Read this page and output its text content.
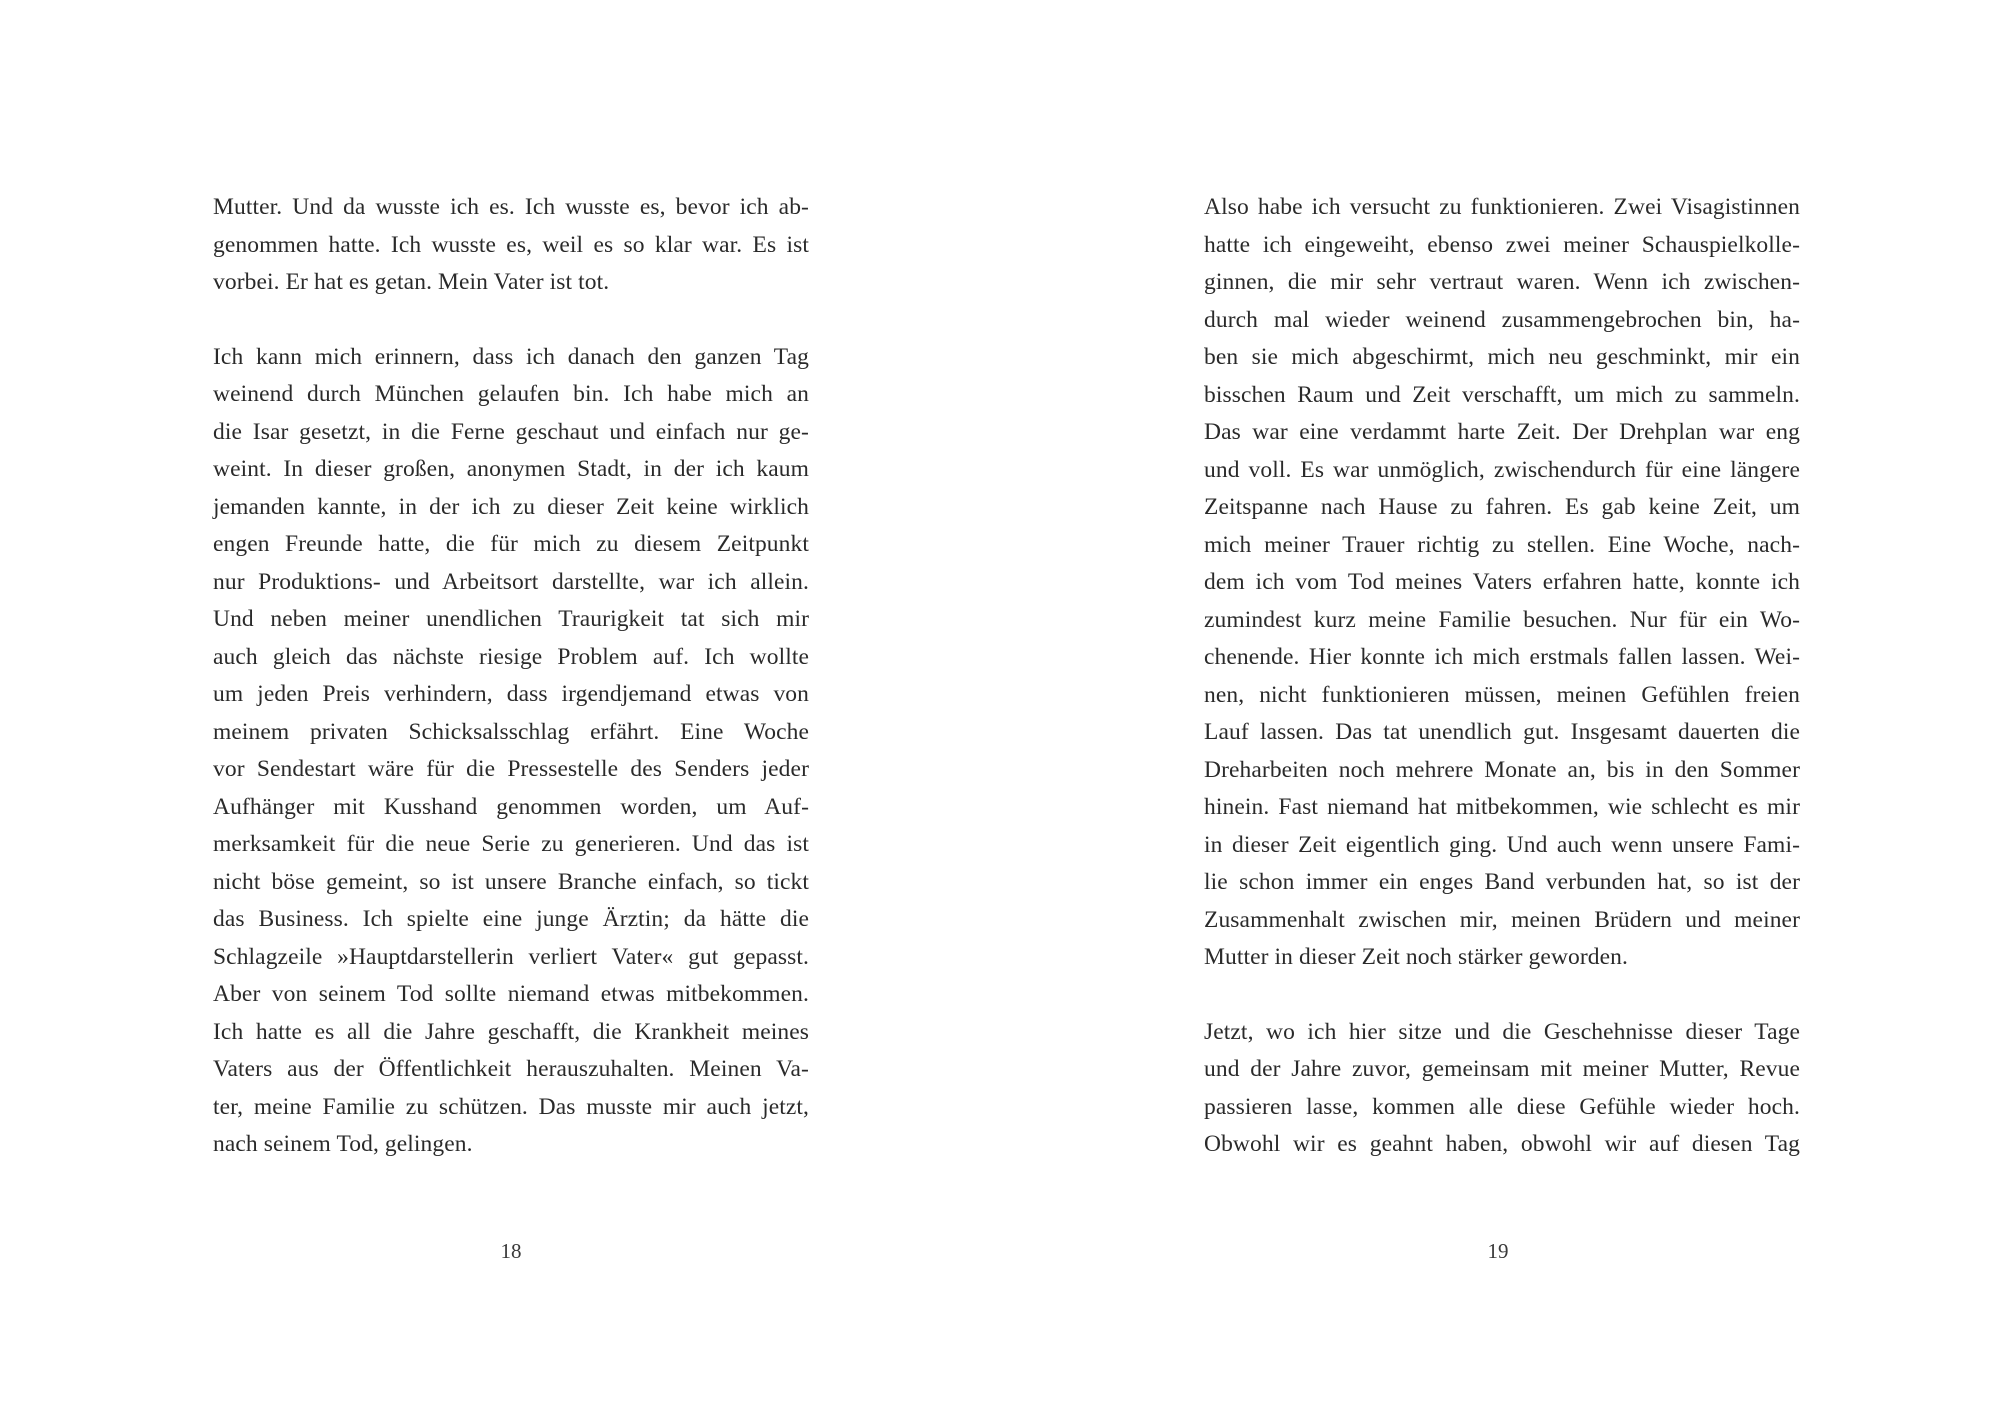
Mutter. Und da wusste ich es. Ich wusste es, bevor ich ab-
genommen hatte. Ich wusste es, weil es so klar war. Es ist
vorbei. Er hat es getan. Mein Vater ist tot.
Ich kann mich erinnern, dass ich danach den ganzen Tag
weinend durch München gelaufen bin. Ich habe mich an
die Isar gesetzt, in die Ferne geschaut und einfach nur ge-
weint. In dieser großen, anonymen Stadt, in der ich kaum
jemanden kannte, in der ich zu dieser Zeit keine wirklich
engen Freunde hatte, die für mich zu diesem Zeitpunkt
nur Produktions- und Arbeitsort darstellte, war ich allein.
Und neben meiner unendlichen Traurigkeit tat sich mir
auch gleich das nächste riesige Problem auf. Ich wollte
um jeden Preis verhindern, dass irgendjemand etwas von
meinem privaten Schicksalsschlag erfährt. Eine Woche
vor Sendestart wäre für die Pressestelle des Senders jeder
Aufhänger mit Kusshand genommen worden, um Auf-
merksamkeit für die neue Serie zu generieren. Und das ist
nicht böse gemeint, so ist unsere Branche einfach, so tickt
das Business. Ich spielte eine junge Ärztin; da hätte die
Schlagzeile »Hauptdarstellerin verliert Vater« gut gepasst.
Aber von seinem Tod sollte niemand etwas mitbekommen.
Ich hatte es all die Jahre geschafft, die Krankheit meines
Vaters aus der Öffentlichkeit herauszuhalten. Meinen Va-
ter, meine Familie zu schützen. Das musste mir auch jetzt,
nach seinem Tod, gelingen.
18
Also habe ich versucht zu funktionieren. Zwei Visagistinnen
hatte ich eingeweiht, ebenso zwei meiner Schauspielkolle-
ginnen, die mir sehr vertraut waren. Wenn ich zwischen-
durch mal wieder weinend zusammengebrochen bin, ha-
ben sie mich abgeschirmt, mich neu geschminkt, mir ein
bisschen Raum und Zeit verschafft, um mich zu sammeln.
Das war eine verdammt harte Zeit. Der Drehplan war eng
und voll. Es war unmöglich, zwischendurch für eine längere
Zeitspanne nach Hause zu fahren. Es gab keine Zeit, um
mich meiner Trauer richtig zu stellen. Eine Woche, nach-
dem ich vom Tod meines Vaters erfahren hatte, konnte ich
zumindest kurz meine Familie besuchen. Nur für ein Wo-
chenende. Hier konnte ich mich erstmals fallen lassen. Wei-
nen, nicht funktionieren müssen, meinen Gefühlen freien
Lauf lassen. Das tat unendlich gut. Insgesamt dauerten die
Dreharbeiten noch mehrere Monate an, bis in den Sommer
hinein. Fast niemand hat mitbekommen, wie schlecht es mir
in dieser Zeit eigentlich ging. Und auch wenn unsere Fami-
lie schon immer ein enges Band verbunden hat, so ist der
Zusammenhalt zwischen mir, meinen Brüdern und meiner
Mutter in dieser Zeit noch stärker geworden.
Jetzt, wo ich hier sitze und die Geschehnisse dieser Tage
und der Jahre zuvor, gemeinsam mit meiner Mutter, Revue
passieren lasse, kommen alle diese Gefühle wieder hoch.
Obwohl wir es geahnt haben, obwohl wir auf diesen Tag
19
